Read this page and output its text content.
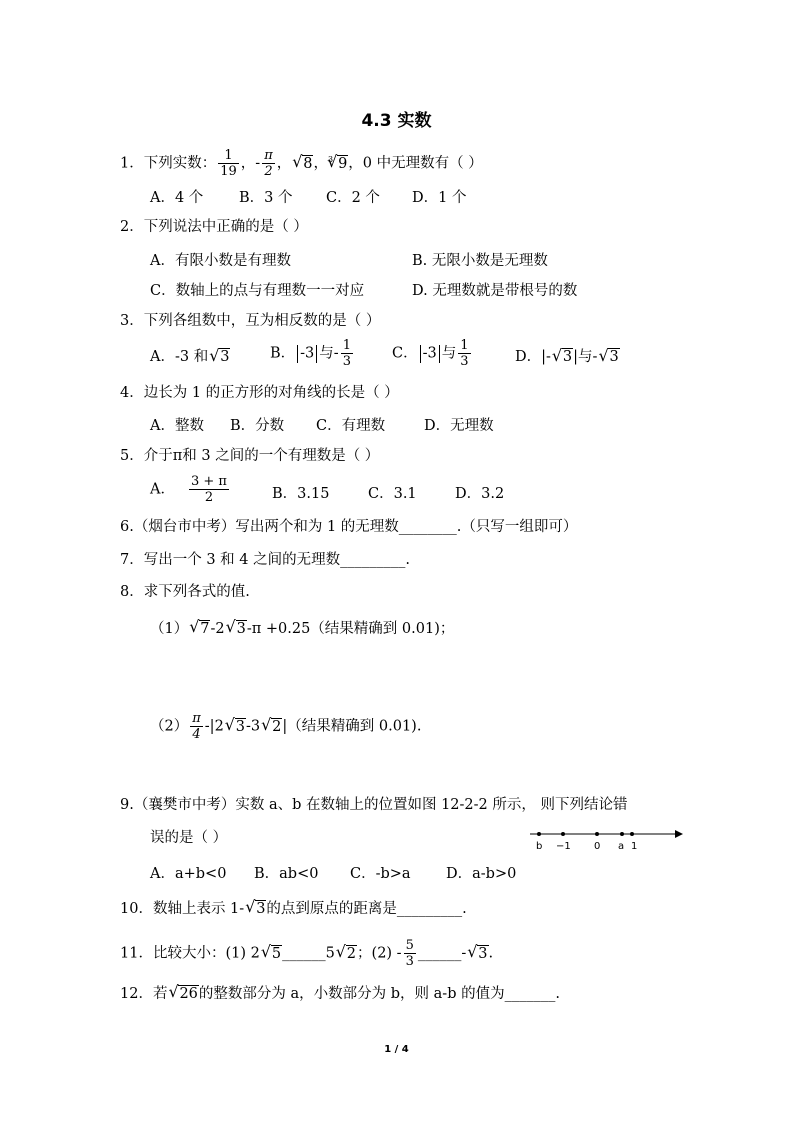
4.3 实数
1．下列实数： $\frac{1}{19}$ ，- $\frac{\pi}{2}$ ，√ 8，$^3$√ 9，0 中无理数有（ ）
A．4 个 B．3 个 C．2 个 D．1 个
2．下列说法中正确的是（ ）
A．有限小数是有理数	B. 无限小数是无理数
C．数轴上的点与有理数一一对应	D. 无理数就是带根号的数
3．下列各组数中，互为相反数的是（ ）
A．-3 和√ 3	B． -3 与- $\frac{1}{3}$	C． -3 与 $\frac{1}{3}$	D．|-√ 3|与-√ 3
4．边长为 1 的正方形的对角线的长是（ ）
A．整数 B．分数 C．有理数	D．无理数
5．介于π和 3 之间的一个有理数是（ ）
A． $\frac{3 + \pi}{2}$	B．3.15	C．3.1	D．3.2
6.（烟台市中考）写出两个和为 1 的无理数________.（只写一组即可）
7．写出一个 3 和 4 之间的无理数_________.
8．求下列各式的值.
（1）√ 7-2√ 3-π +0.25（结果精确到 0.01)；
$(2) \frac{\pi}{4} -|2√$ 3-3√ 2|（结果精确到 0.01).
9.（襄樊市中考）实数 a、b 在数轴上的位置如图 12-2-2 所示， 则下列结论错
误的是（ ）
b −1 0 a 1
A．a+b<0 B．ab<0 C．-b>a D．a-b>0
10．数轴上表示 1-√ 3的点到原点的距离是_________.
11．比较大小：(1) 2√ 5______5√ 2；$(2) - \frac{5}{3}$ ______-√ 3.
12．若√ 26的整数部分为 a，小数部分为 b，则 a-b 的值为_______.
1 / 4
